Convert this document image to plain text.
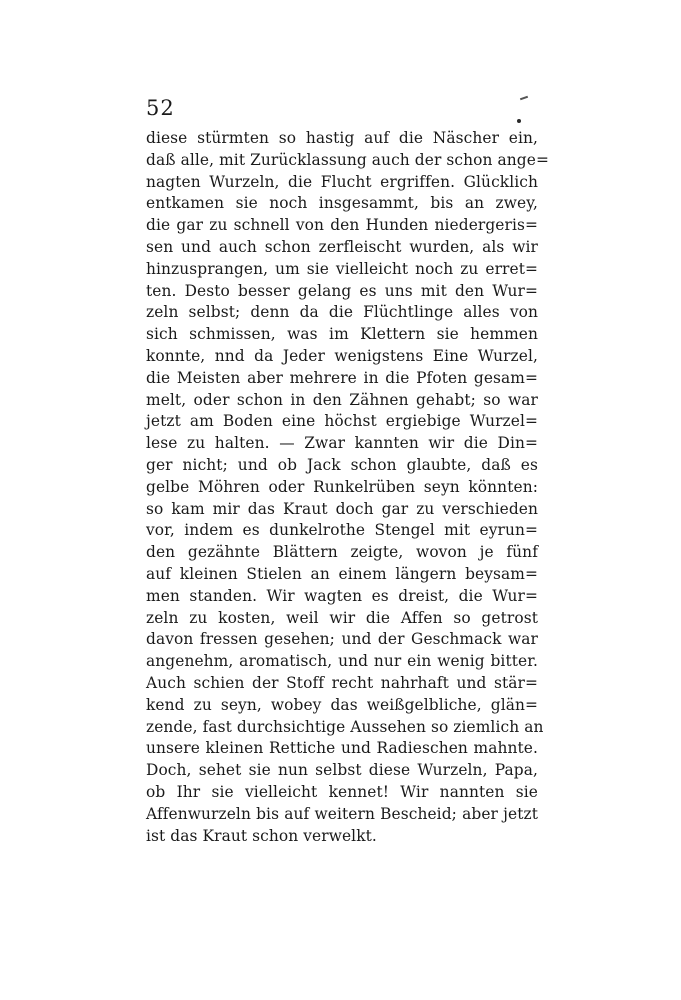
52
diese stürmten so hastig auf die Näscher ein,
daß alle, mit Zurücklassung auch der schon ange=
nagten Wurzeln, die Flucht ergriffen. Glücklich
entkamen sie noch insgesammt, bis an zwey,
die gar zu schnell von den Hunden niedergeris=
sen und auch schon zerfleischt wurden, als wir
hinzusprangen, um sie vielleicht noch zu erret=
ten. Desto besser gelang es uns mit den Wur=
zeln selbst; denn da die Flüchtlinge alles von
sich schmissen, was im Klettern sie hemmen
konnte, nnd da Jeder wenigstens Eine Wurzel,
die Meisten aber mehrere in die Pfoten gesam=
melt, oder schon in den Zähnen gehabt; so war
jetzt am Boden eine höchst ergiebige Wurzel=
lese zu halten. — Zwar kannten wir die Din=
ger nicht; und ob Jack schon glaubte, daß es
gelbe Möhren oder Runkelrüben seyn könnten:
so kam mir das Kraut doch gar zu verschieden
vor, indem es dunkelrothe Stengel mit eyrun=
den gezähnte Blättern zeigte, wovon je fünf
auf kleinen Stielen an einem längern beysam=
men standen. Wir wagten es dreist, die Wur=
zeln zu kosten, weil wir die Affen so getrost
davon fressen gesehen; und der Geschmack war
angenehm, aromatisch, und nur ein wenig bitter.
Auch schien der Stoff recht nahrhaft und stär=
kend zu seyn, wobey das weißgelbliche, glän=
zende, fast durchsichtige Aussehen so ziemlich an
unsere kleinen Rettiche und Radieschen mahnte.
Doch, sehet sie nun selbst diese Wurzeln, Papa,
ob Ihr sie vielleicht kennet! Wir nannten sie
Affenwurzeln bis auf weitern Bescheid; aber jetzt
ist das Kraut schon verwelkt.
